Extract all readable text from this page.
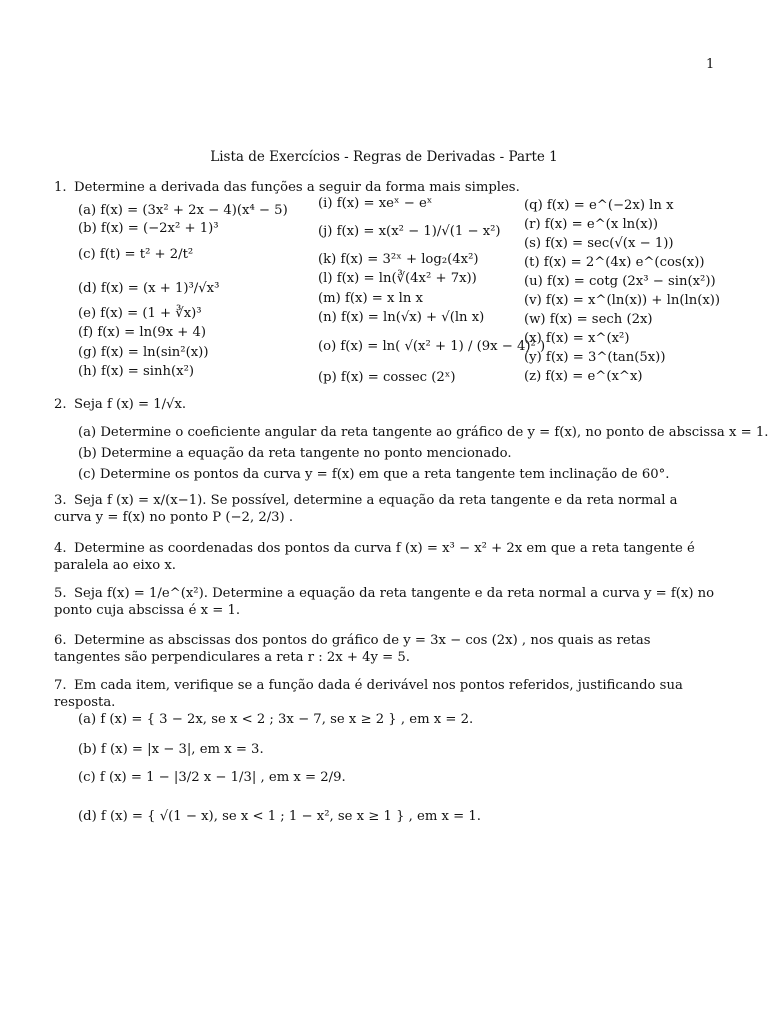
1
Lista de Exercícios - Regras de Derivadas - Parte 1
1. Determine a derivada das funções a seguir da forma mais simples.
(a) f(x) = (3x² + 2x − 4)(x⁴ − 5)
(b) f(x) = (−2x² + 1)³
(c) f(t) = t² + 2/t²
(d) f(x) = (x + 1)³/√x³
(e) f(x) = (1 + ∛x)³
(f) f(x) = ln(9x + 4)
(g) f(x) = ln(sin²(x))
(h) f(x) = sinh(x²)
(i) f(x) = xeˣ − eˣ
(j) f(x) = x(x² − 1)/√(1 − x²)
(k) f(x) = 3²ˣ + log₂(4x²)
(l) f(x) = ln(∛(4x² + 7x))
(m) f(x) = x ln x
(n) f(x) = ln(√x) + √(ln x)
(o) f(x) = ln( √(x² + 1) / (9x − 4)² )
(p) f(x) = cossec (2ˣ)
(q) f(x) = e^(−2x) ln x
(r) f(x) = e^(x ln(x))
(s) f(x) = sec(√(x − 1))
(t) f(x) = 2^(4x) e^(cos(x))
(u) f(x) = cotg (2x³ − sin(x²))
(v) f(x) = x^(ln(x)) + ln(ln(x))
(w) f(x) = sech (2x)
(x) f(x) = x^(x²)
(y) f(x) = 3^(tan(5x))
(z) f(x) = e^(x^x)
2. Seja f (x) = 1/√x.
(a) Determine o coeficiente angular da reta tangente ao gráfico de y = f(x), no ponto de abscissa x = 1.
(b) Determine a equação da reta tangente no ponto mencionado.
(c) Determine os pontos da curva y = f(x) em que a reta tangente tem inclinação de 60°.
3. Seja f (x) = x/(x−1). Se possível, determine a equação da reta tangente e da reta normal a curva y = f(x) no ponto P (−2, 2/3) .
4. Determine as coordenadas dos pontos da curva f (x) = x³ − x² + 2x em que a reta tangente é paralela ao eixo x.
5. Seja f(x) = 1/e^(x²). Determine a equação da reta tangente e da reta normal a curva y = f(x) no ponto cuja abscissa é x = 1.
6. Determine as abscissas dos pontos do gráfico de y = 3x − cos (2x) , nos quais as retas tangentes são perpendiculares a reta r : 2x + 4y = 5.
7. Em cada item, verifique se a função dada é derivável nos pontos referidos, justificando sua resposta.
(a) f (x) = { 3 − 2x, se x < 2 ; 3x − 7, se x ≥ 2 } , em x = 2.
(b) f (x) = |x − 3|, em x = 3.
(c) f (x) = 1 − |3/2 x − 1/3| , em x = 2/9.
(d) f (x) = { √(1 − x), se x < 1 ; 1 − x², se x ≥ 1 } , em x = 1.
